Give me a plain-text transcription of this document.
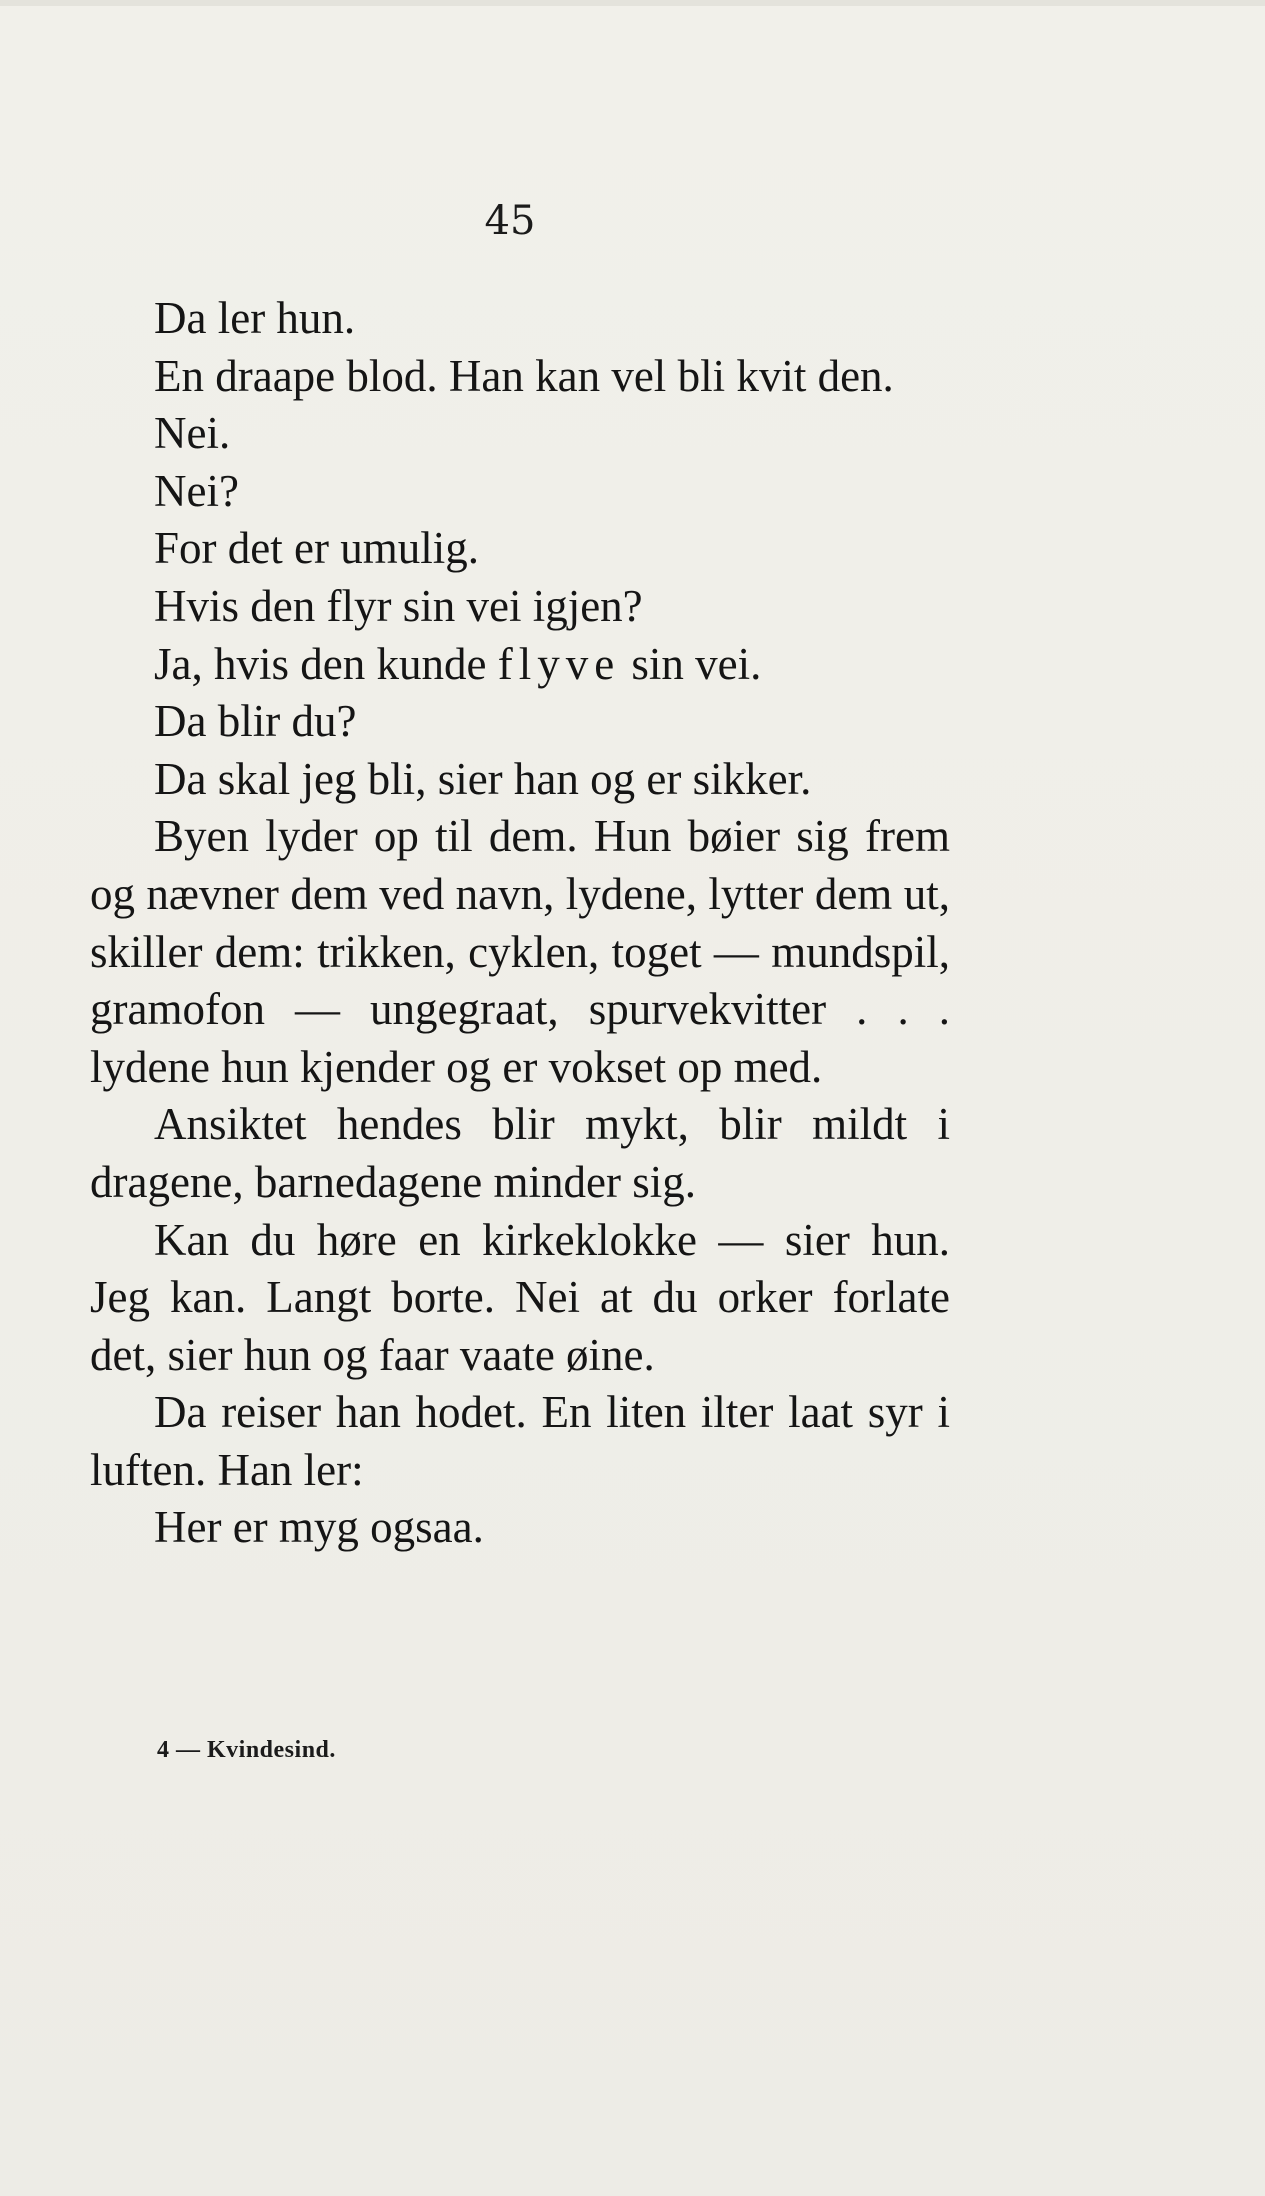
45

Da ler hun.

En draape blod. Han kan vel bli kvit den.

Nei.

Nei?

For det er umulig.

Hvis den flyr sin vei igjen?

Ja, hvis den kunde flyve sin vei.

Da blir du?

Da skal jeg bli, sier han og er sikker.

Byen lyder op til dem. Hun bøier sig frem og nævner dem ved navn, lydene, lytter dem ut, skiller dem: trikken, cyklen, toget — mundspil, gramofon — ungegraat, spurvekvitter . . . lydene hun kjender og er vokset op med.

Ansiktet hendes blir mykt, blir mildt i dragene, barnedagene minder sig.

Kan du høre en kirkeklokke — sier hun. Jeg kan. Langt borte. Nei at du orker forlate det, sier hun og faar vaate øine.

Da reiser han hodet. En liten ilter laat syr i luften. Han ler:

Her er myg ogsaa.

4 — Kvindesind.
